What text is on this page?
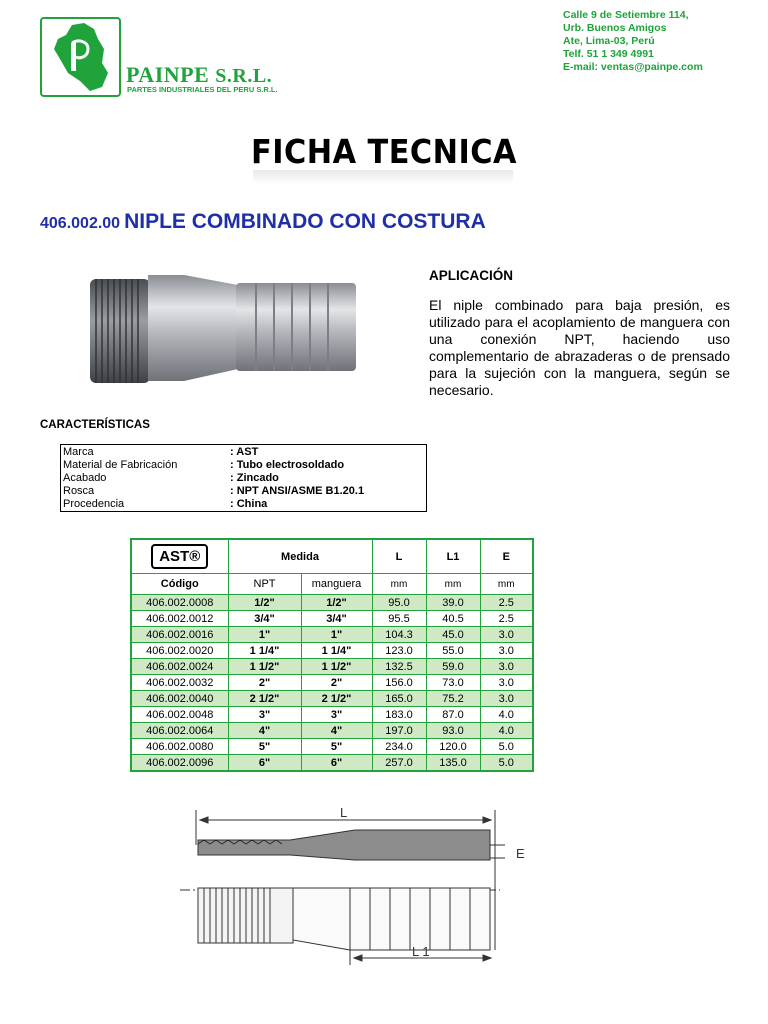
PAINPE S.R.L.
PARTES INDUSTRIALES DEL PERU S.R.L.
Calle 9 de Setiembre 114,
Urb. Buenos Amigos
Ate, Lima-03, Perú
Telf. 51 1 349 4991
E-mail: ventas@painpe.com
FICHA TECNICA
406.002.00 NIPLE COMBINADO CON COSTURA
APLICACIÓN
El niple combinado para baja presión, es utilizado para el acoplamiento de manguera con una conexión NPT, haciendo uso complementario de abrazaderas o de prensado para la sujeción con la manguera, según se necesario.
CARACTERÍSTICAS
Marca	: AST
Material de Fabricación	: Tubo electrosoldado
Acabado	: Zincado
Rosca	: NPT ANSI/ASME B1.20.1
Procedencia	: China
AST®	Medida		L	L1	E
Código	NPT	manguera	mm	mm	mm
406.002.0008	1/2"	1/2"	95.0	39.0	2.5
406.002.0012	3/4"	3/4"	95.5	40.5	2.5
406.002.0016	1"	1"	104.3	45.0	3.0
406.002.0020	1 1/4"	1 1/4"	123.0	55.0	3.0
406.002.0024	1 1/2"	1 1/2"	132.5	59.0	3.0
406.002.0032	2"	2"	156.0	73.0	3.0
406.002.0040	2 1/2"	2 1/2"	165.0	75.2	3.0
406.002.0048	3"	3"	183.0	87.0	4.0
406.002.0064	4"	4"	197.0	93.0	4.0
406.002.0080	5"	5"	234.0	120.0	5.0
406.002.0096	6"	6"	257.0	135.0	5.0
L
L 1
E
